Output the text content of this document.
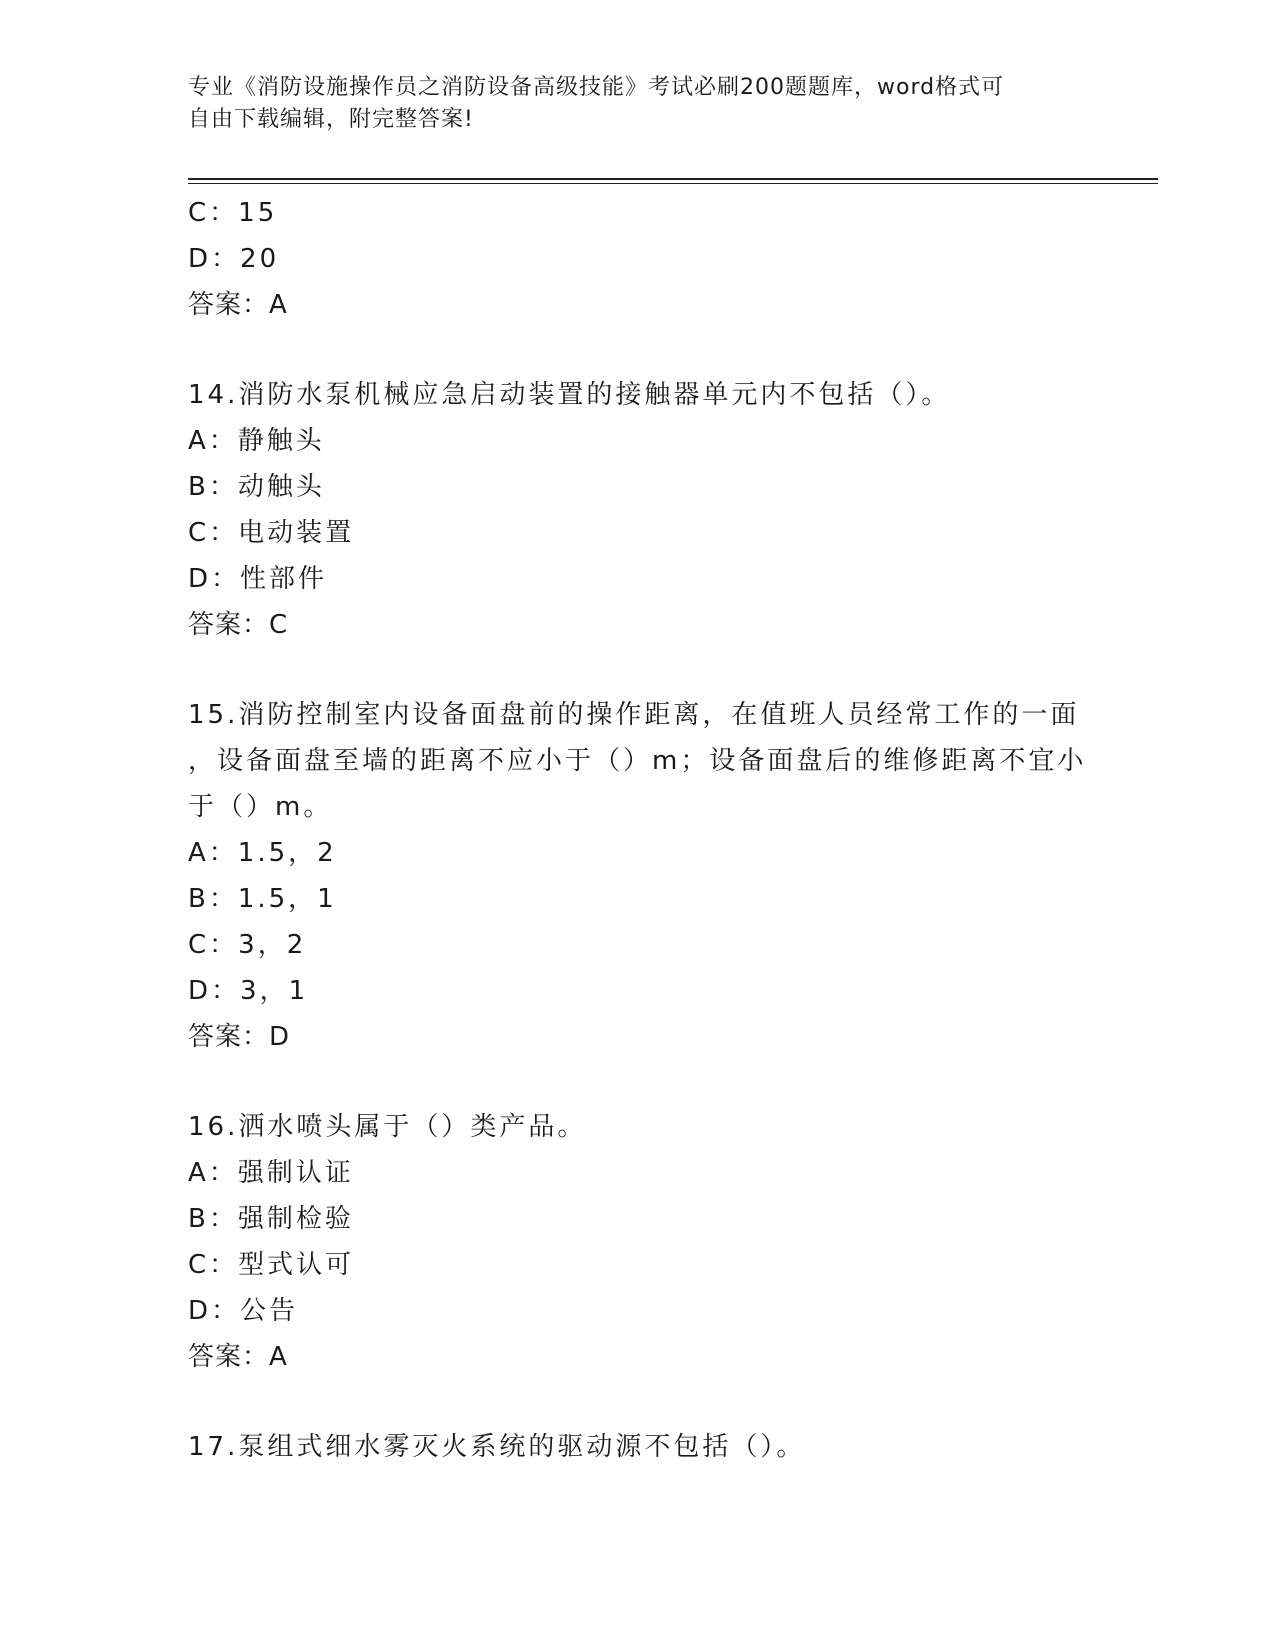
专业《消防设施操作员之消防设备高级技能》考试必刷200题题库，word格式可
自由下载编辑，附完整答案!
C：15
D：20
答案：A
14.消防水泵机械应急启动装置的接触器单元内不包括（）。
A：静触头
B：动触头
C：电动装置
D：性部件
答案：C
15.消防控制室内设备面盘前的操作距离，在值班人员经常工作的一面
，设备面盘至墙的距离不应小于（）m；设备面盘后的维修距离不宜小
于（）m。
A：1.5，2
B：1.5，1
C：3，2
D：3，1
答案：D
16.洒水喷头属于（）类产品。
A：强制认证
B：强制检验
C：型式认可
D：公告
答案：A
17.泵组式细水雾灭火系统的驱动源不包括（）。
